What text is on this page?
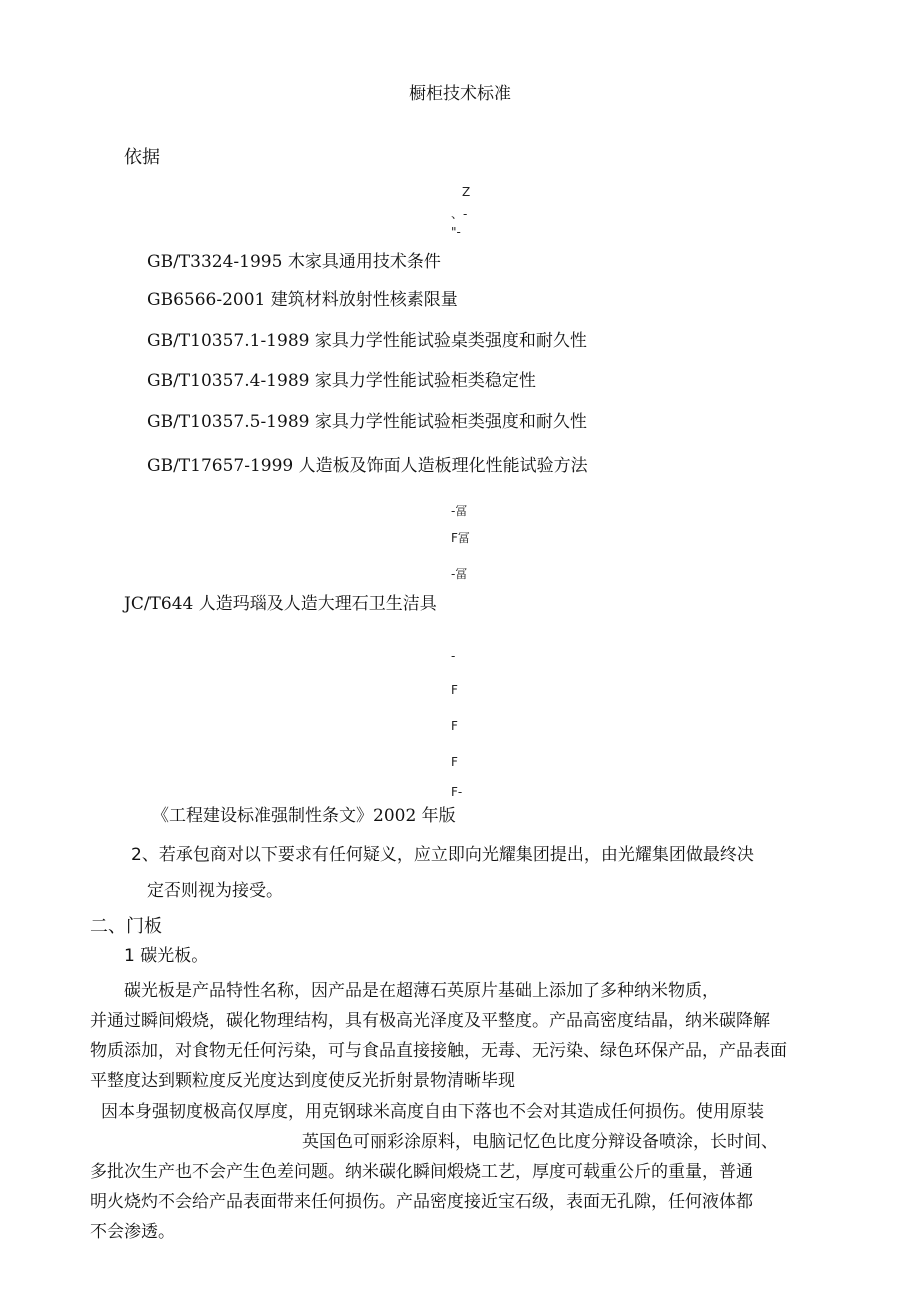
橱柜技术标准
依据
Z
、-
"-
GB/T3324-1995 木家具通用技术条件
GB6566-2001 建筑材料放射性核素限量
GB/T10357.1-1989 家具力学性能试验桌类强度和耐久性
GB/T10357.4-1989 家具力学性能试验柜类稳定性
GB/T10357.5-1989 家具力学性能试验柜类强度和耐久性
GB/T17657-1999 人造板及饰面人造板理化性能试验方法
-冨
F冨
-冨
JC/T644 人造玛瑙及人造大理石卫生洁具
-
F
F
F
F-
《工程建设标准强制性条文》2002 年版
2、若承包商对以下要求有任何疑义，应立即向光耀集团提出，由光耀集团做最终决
定否则视为接受。
二、门板
1 碳光板。
碳光板是产品特性名称，因产品是在超薄石英原片基础上添加了多种纳米物质，
并通过瞬间煅烧，碳化物理结构，具有极高光泽度及平整度。产品高密度结晶，纳米碳降解
物质添加，对食物无任何污染，可与食品直接接触，无毒、无污染、绿色环保产品，产品表面
平整度达到颗粒度反光度达到度使反光折射景物清晰毕现
因本身强韧度极高仅厚度，用克钢球米高度自由下落也不会对其造成任何损伤。使用原装
英国色可丽彩涂原料，电脑记忆色比度分辩设备喷涂，长时间、
多批次生产也不会产生色差问题。纳米碳化瞬间煅烧工艺，厚度可载重公斤的重量，普通
明火烧灼不会给产品表面带来任何损伤。产品密度接近宝石级，表面无孔隙，任何液体都
不会渗透。
